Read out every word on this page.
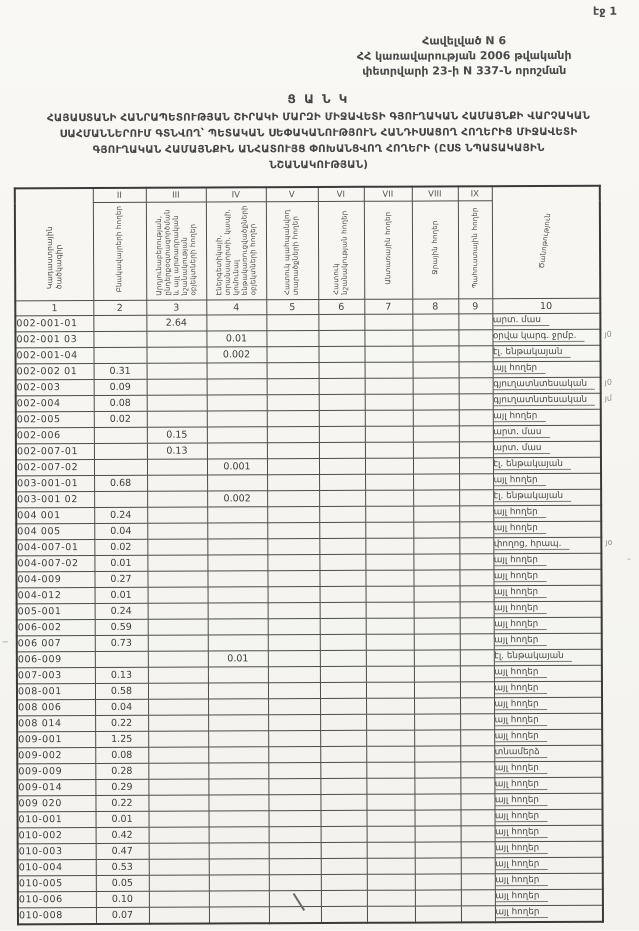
էջ 1
Հավելված N 6
ՀՀ կառավարության 2006 թվականի
փետրվարի 23-ի N 337-Ն որոշման
Ց Ա Ն Կ
ՀԱՅԱՍՏԱՆԻ ՀԱՆՐԱՊԵՏՈՒԹՅԱՆ ՇԻՐԱԿԻ ՄԱՐԶԻ ՄԻՋԱՎԵՏԻ ԳՅՈՒՂԱԿԱՆ ՀԱՄԱՅՆՔԻ ՎԱՐՉԱԿԱՆ
ՍԱՀՄԱՆՆԵՐՈՒՄ ԳՏՆՎՈՂ՝ ՊԵՏԱԿԱՆ ՍԵՓԱԿԱՆՈՒԹՅՈՒՆ ՀԱՆԴԻՍԱՑՈՂ ՀՈՂԵՐԻՑ ՄԻՋԱՎԵՏԻ
ԳՅՈՒՂԱԿԱՆ ՀԱՄԱՅՆՔԻՆ ԱՆՀԱՏՈՒՅՑ ՓՈԽԱՆՑՎՈՂ ՀՈՂԵՐԻ (ԸՍՏ ՆՊԱՏԱԿԱՅԻՆ
ՆՇԱՆԱԿՈՒԹՅԱՆ)
Կադաստրային ծածկագիր	II	III	IV	V	VI	VII	VIII	IX	Ծանոթություն
	Բնակավայրերի հողեր	Արդյունաբերության, ընդերքօգտագործման և այլ արտադրական նշանակության օբյեկտների հողեր	Էներգետիկայի, տրանսպորտի, կապի, կոմունալ ենթակառուցվածքների օբյեկտների հողեր	Հատուկ պահպանվող տարածքների հողեր	Հատուկ նշանակության հողեր	Անտառային հողեր	Ջրային հողեր	Պահուստային հողեր	
1	2	3	4	5	6	7	8	9	10
002-001-01		2.64							արտ. մաս
002-001 03			0.01						օրվա կարգ. ջրմբ.
002-001-04			0.002						էլ. ենթակայան
002-002 01	0.31								այլ հողեր
002-003	0.09								գյուղատնտեսական
002-004	0.08								գյուղատնտեսական
002-005	0.02								այլ հողեր
002-006		0.15							արտ. մաս
002-007-01		0.13							արտ. մաս
002-007-02			0.001						էլ. ենթակայան
003-001-01	0.68								այլ հողեր
003-001 02			0.002						էլ. ենթակայան
004 001	0.24								այլ հողեր
004 005	0.04								այլ հողեր
004-007-01	0.02								փողոց, հրապ.
004-007-02	0.01								այլ հողեր
004-009	0.27								այլ հողեր
004-012	0.01								այլ հողեր
005-001	0.24								այլ հողեր
006-002	0.59								այլ հողեր
006 007	0.73								այլ հողեր
006-009			0.01						էլ. ենթակայան
007-003	0.13								այլ հողեր
008-001	0.58								այլ հողեր
008 006	0.04								այլ հողեր
008 014	0.22								այլ հողեր
009-001	1.25								այլ հողեր
009-002	0.08								տնամերձ
009-009	0.28								այլ հողեր
009-014	0.29								այլ հողեր
009 020	0.22								այլ հողեր
010-001	0.01								այլ հողեր
010-002	0.42								այլ հողեր
010-003	0.47								այլ հողեր
010-004	0.53								այլ հողեր
010-005	0.05								այլ հողեր
010-006	0.10								այլ հողեր
010-008	0.07								այլ հողեր
յ0
յ0
յմ
յօ
